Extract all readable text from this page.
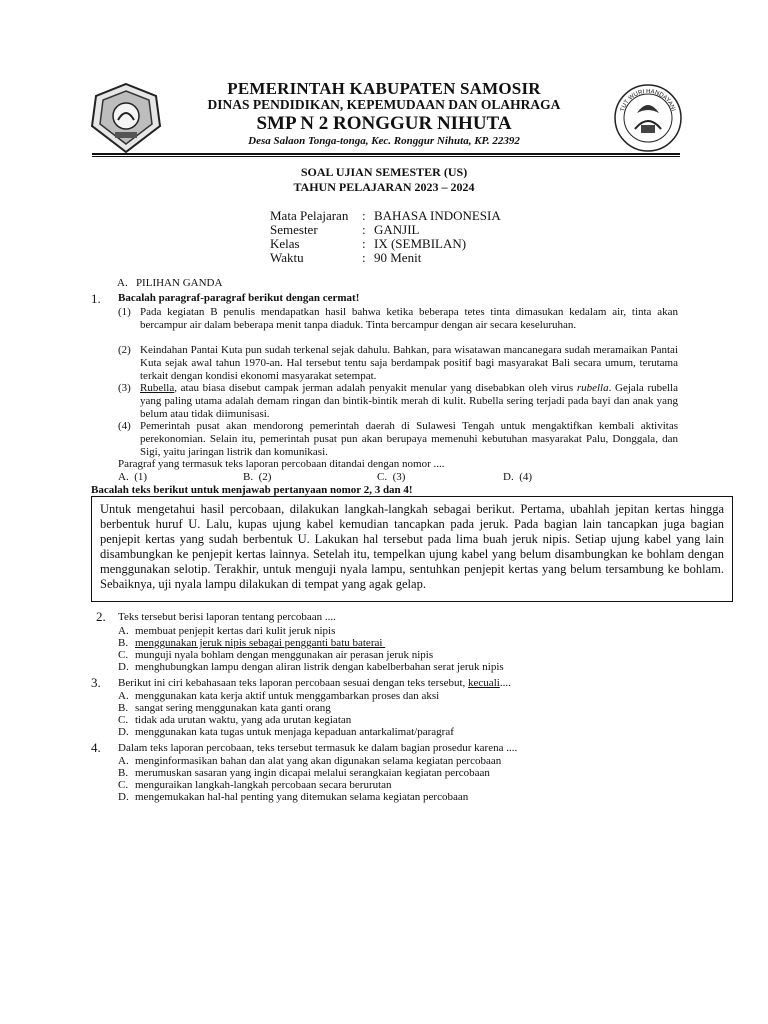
PEMERINTAH KABUPATEN SAMOSIR
DINAS PENDIDIKAN, KEPEMUDAAN DAN OLAHRAGA
SMP N 2 RONGGUR NIHUTA
Desa Salaon Tonga-tonga, Kec. Ronggur Nihuta, KP. 22392
TUT WURI HANDAYANI
SOAL UJIAN SEMESTER (US)
TAHUN PELAJARAN 2023 – 2024
Mata Pelajaran	: BAHASA INDONESIA
Semester	: GANJIL
Kelas	: IX (SEMBILAN)
Waktu	: 90 Menit
A.   PILIHAN GANDA
1. Bacalah paragraf-paragraf berikut dengan cermat!
(1) Pada kegiatan B penulis mendapatkan hasil bahwa ketika beberapa tetes tinta dimasukan kedalam air, tinta akan bercampur air dalam beberapa menit tanpa diaduk. Tinta bercampur dengan air secara keseluruhan.
(2) Keindahan Pantai Kuta pun sudah terkenal sejak dahulu. Bahkan, para wisatawan mancanegara sudah meramaikan Pantai Kuta sejak awal tahun 1970-an. Hal tersebut tentu saja berdampak positif bagi masyarakat Bali secara umum, terutama terkait dengan kondisi ekonomi masyarakat setempat.
(3) Rubella, atau biasa disebut campak jerman adalah penyakit menular yang disebabkan oleh virus rubella. Gejala rubella yang paling utama adalah demam ringan dan bintik-bintik merah di kulit. Rubella sering terjadi pada bayi dan anak yang belum atau tidak diimunisasi.
(4) Pemerintah pusat akan mendorong pemerintah daerah di Sulawesi Tengah untuk mengaktifkan kembali aktivitas perekonomian. Selain itu, pemerintah pusat pun akan berupaya memenuhi kebutuhan masyarakat Palu, Donggala, dan Sigi, yaitu jaringan listrik dan komunikasi.
Paragraf yang termasuk teks laporan percobaan ditandai dengan nomor ....
A.  (1)	B.  (2)	C.  (3)	D.  (4)
Bacalah teks berikut untuk menjawab pertanyaan nomor 2, 3 dan 4!
Untuk mengetahui hasil percobaan, dilakukan langkah-langkah sebagai berikut. Pertama, ubahlah jepitan kertas hingga berbentuk huruf U. Lalu, kupas ujung kabel kemudian tancapkan pada jeruk. Pada bagian lain tancapkan juga bagian penjepit kertas yang sudah berbentuk U. Lakukan hal tersebut pada lima buah jeruk nipis. Setiap ujung kabel yang lain disambungkan ke penjepit kertas lainnya. Setelah itu, tempelkan ujung kabel yang belum disambungkan ke bohlam dengan menggunakan selotip. Terakhir, untuk menguji nyala lampu, sentuhkan penjepit kertas yang belum tersambung ke bohlam. Sebaiknya, uji nyala lampu dilakukan di tempat yang agak gelap.
2. Teks tersebut berisi laporan tentang percobaan ....
A. membuat penjepit kertas dari kulit jeruk nipis
B. menggunakan jeruk nipis sebagai pengganti batu baterai
C. munguji nyala bohlam dengan menggunakan air perasan jeruk nipis
D. menghubungkan lampu dengan aliran listrik dengan kabelberbahan serat jeruk nipis
3. Berikut ini ciri kebahasaan teks laporan percobaan sesuai dengan teks tersebut, kecuali....
A. menggunakan kata kerja aktif untuk menggambarkan proses dan aksi
B. sangat sering menggunakan kata ganti orang
C. tidak ada urutan waktu, yang ada urutan kegiatan
D. menggunakan kata tugas untuk menjaga kepaduan antarkalimat/paragraf
4. Dalam teks laporan percobaan, teks tersebut termasuk ke dalam bagian prosedur karena ....
A. menginformasikan bahan dan alat yang akan digunakan selama kegiatan percobaan
B. merumuskan sasaran yang ingin dicapai melalui serangkaian kegiatan percobaan
C. menguraikan langkah-langkah percobaan secara berurutan
D. mengemukakan hal-hal penting yang ditemukan selama kegiatan percobaan
